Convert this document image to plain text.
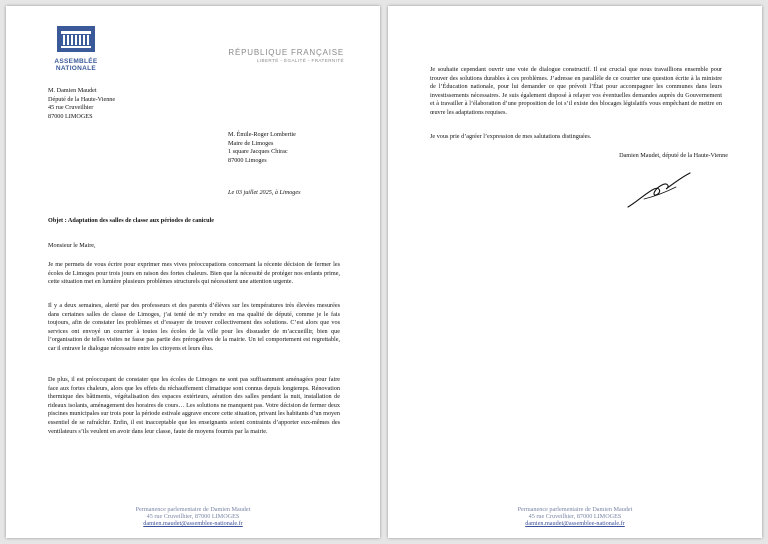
ASSEMBLÉE
NATIONALE
RÉPUBLIQUE FRANÇAISE
LIBERTÉ - ÉGALITÉ - FRATERNITÉ
M. Damien Maudet
Député de la Haute-Vienne
45 rue Cruveilhier
87000 LIMOGES
M. Émile-Roger Lombertie
Maire de Limoges
1 square Jacques Chirac
87000 Limoges
Le 03 juillet 2025, à Limoges
Objet : Adaptation des salles de classe aux périodes de canicule
Monsieur le Maire,
Je me permets de vous écrire pour exprimer mes vives préoccupations concernant la récente décision de fermer les écoles de Limoges pour trois jours en raison des fortes chaleurs. Bien que la nécessité de protéger nos enfants prime, cette situation met en lumière plusieurs problèmes structurels qui nécessitent une attention urgente.
Il y a deux semaines, alerté par des professeurs et des parents d’élèves sur les températures très élevées mesurées dans certaines salles de classe de Limoges, j’ai tenté de m’y rendre en ma qualité de député, comme je le fais toujours, afin de constater les problèmes et d’essayer de trouver collectivement des solutions. C’est alors que vos services ont envoyé un courrier à toutes les écoles de la ville pour les dissuader de m’accueillir, bien que l’organisation de telles visites ne fasse pas partie des prérogatives de la mairie. Un tel comportement est regrettable, car il entrave le dialogue nécessaire entre les citoyens et leurs élus.
De plus, il est préoccupant de constater que les écoles de Limoges ne sont pas suffisamment aménagées pour faire face aux fortes chaleurs, alors que les effets du réchauffement climatique sont connus depuis longtemps. Rénovation thermique des bâtiments, végétalisation des espaces extérieurs, aération des salles pendant la nuit, installation de rideaux isolants, aménagement des horaires de cours… Les solutions ne manquent pas. Votre décision de fermer deux piscines municipales sur trois pour la période estivale aggrave encore cette situation, privant les habitants d’un moyen essentiel de se rafraîchir. Enfin, il est inacceptable que les enseignants soient contraints d’apporter eux-mêmes des ventilateurs s’ils veulent en avoir dans leur classe, faute de moyens fournis par la mairie.
Permanence parlementaire de Damien Maudet
45 rue Cruveilhier, 87000 LIMOGES
damien.maudet@assemblee-nationale.fr
Je souhaite cependant ouvrir une voie de dialogue constructif. Il est crucial que nous travaillions ensemble pour trouver des solutions durables à ces problèmes. J’adresse en parallèle de ce courrier une question écrite à la ministre de l’Éducation nationale, pour lui demander ce que prévoit l’État pour accompagner les communes dans leurs investissements nécessaires. Je suis également disposé à relayer vos éventuelles demandes auprès du Gouvernement et à travailler à l’élaboration d’une proposition de loi s’il existe des blocages législatifs vous empêchant de mettre en œuvre les adaptations requises.
Je vous prie d’agréer l’expression de mes salutations distinguées.
Damien Maudet, député de la Haute-Vienne
Permanence parlementaire de Damien Maudet
45 rue Cruveilhier, 87000 LIMOGES
damien.maudet@assemblee-nationale.fr
